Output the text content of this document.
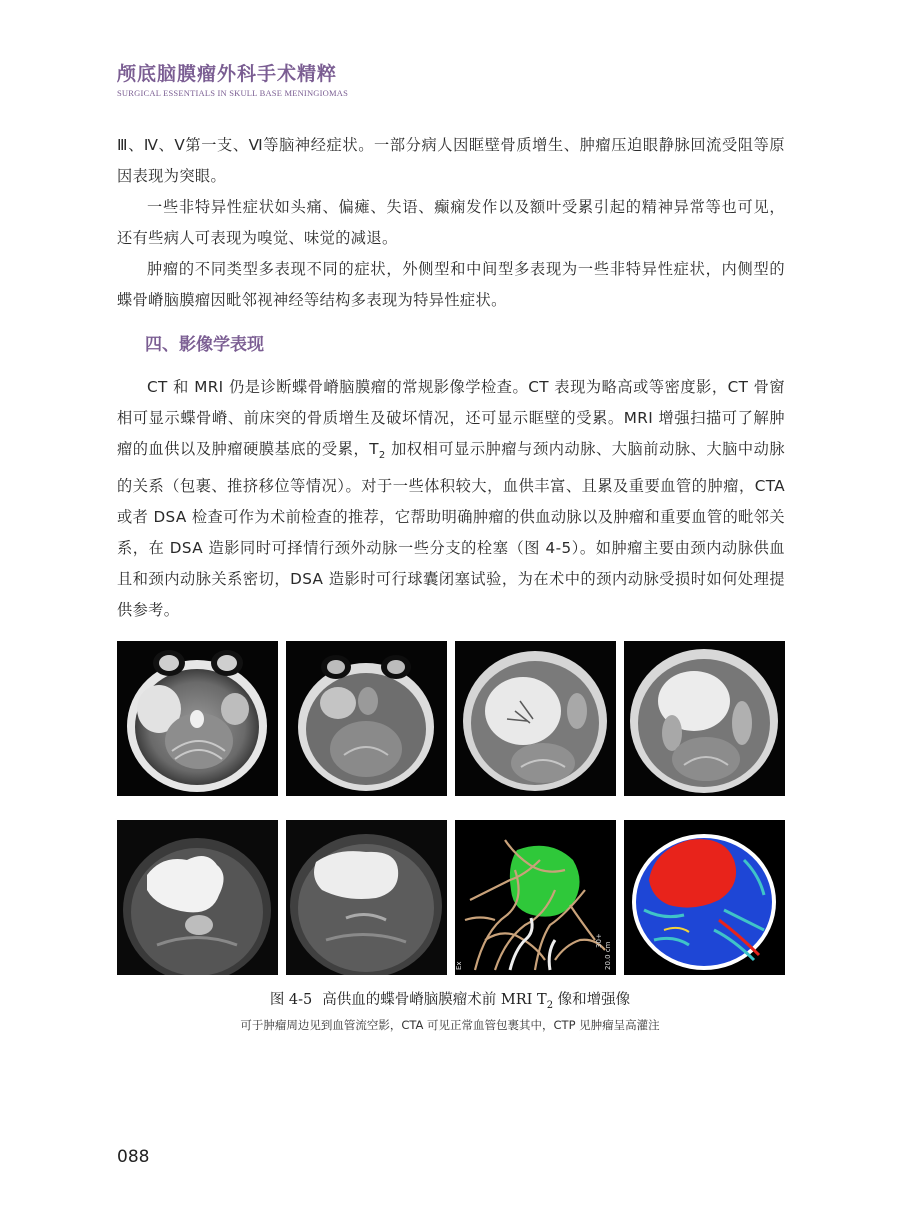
颅底脑膜瘤外科手术精粹
SURGICAL ESSENTIALS IN SKULL BASE MENINGIOMAS

Ⅲ、Ⅳ、Ⅴ第一支、Ⅵ等脑神经症状。一部分病人因眶壁骨质增生、肿瘤压迫眼静脉回流受阻等原因表现为突眼。

一些非特异性症状如头痛、偏瘫、失语、癫痫发作以及额叶受累引起的精神异常等也可见，还有些病人可表现为嗅觉、味觉的减退。

肿瘤的不同类型多表现不同的症状，外侧型和中间型多表现为一些非特异性症状，内侧型的蝶骨嵴脑膜瘤因毗邻视神经等结构多表现为特异性症状。

四、影像学表现

CT 和 MRI 仍是诊断蝶骨嵴脑膜瘤的常规影像学检查。CT 表现为略高或等密度影，CT 骨窗相可显示蝶骨嵴、前床突的骨质增生及破坏情况，还可显示眶壁的受累。MRI 增强扫描可了解肿瘤的血供以及肿瘤硬膜基底的受累，$T_2$ 加权相可显示肿瘤与颈内动脉、大脑前动脉、大脑中动脉的关系（包裹、推挤移位等情况）。对于一些体积较大，血供丰富、且累及重要血管的肿瘤，CTA 或者 DSA 检查可作为术前检查的推荐，它帮助明确肿瘤的供血动脉以及肿瘤和重要血管的毗邻关系，在 DSA 造影同时可择情行颈外动脉一些分支的栓塞（图 4-5）。如肿瘤主要由颈内动脉供血且和颈内动脉关系密切，DSA 造影时可行球囊闭塞试验，为在术中的颈内动脉受损时如何处理提供参考。

30+
20.0 cm
Ex
图 4-5 高供血的蝶骨嵴脑膜瘤术前 MRI $T_2$ 像和增强像
可于肿瘤周边见到血管流空影，CTA 可见正常血管包裹其中，CTP 见肿瘤呈高灌注
088
